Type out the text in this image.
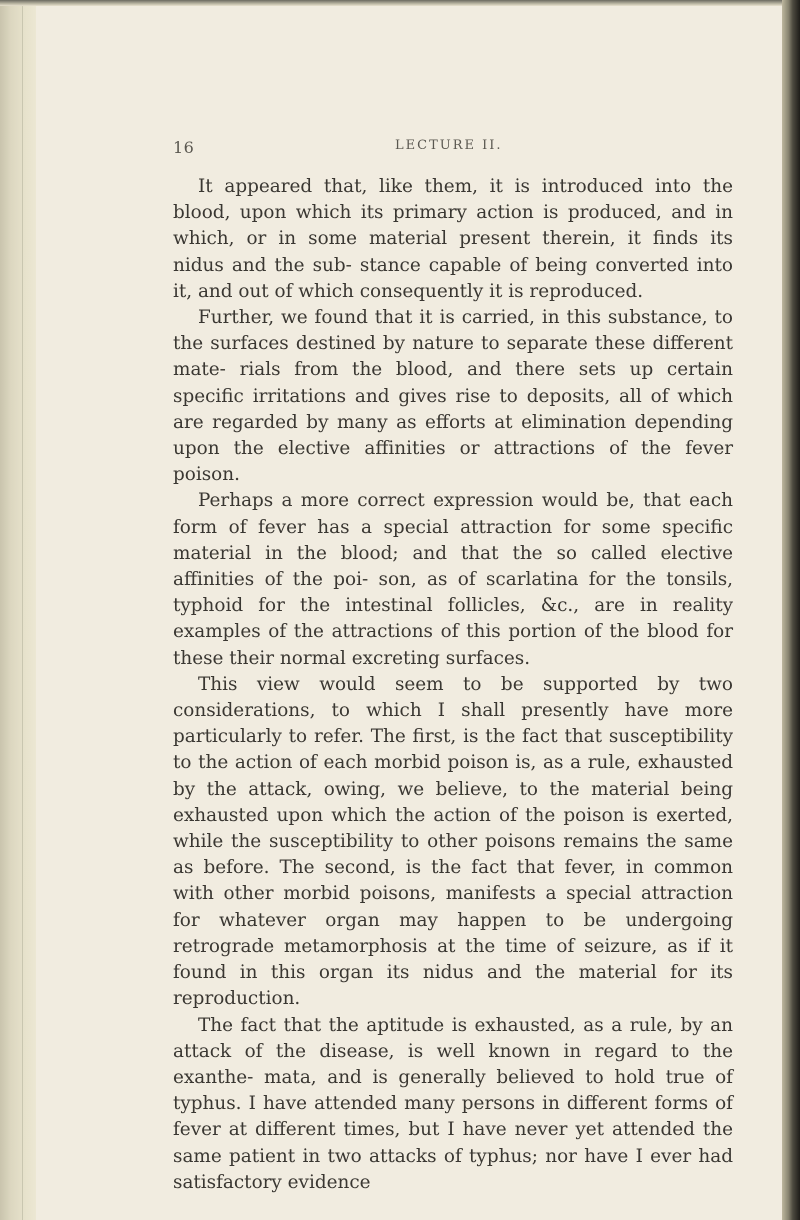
16	LECTURE II.

It appeared that, like them, it is introduced into the blood, upon which its primary action is produced, and in which, or in some material present therein, it finds its nidus and the sub- stance capable of being converted into it, and out of which consequently it is reproduced.

Further, we found that it is carried, in this substance, to the surfaces destined by nature to separate these different mate- rials from the blood, and there sets up certain specific irritations and gives rise to deposits, all of which are regarded by many as efforts at elimination depending upon the elective affinities or attractions of the fever poison.

Perhaps a more correct expression would be, that each form of fever has a special attraction for some specific material in the blood; and that the so called elective affinities of the poi- son, as of scarlatina for the tonsils, typhoid for the intestinal follicles, &c., are in reality examples of the attractions of this portion of the blood for these their normal excreting surfaces.

This view would seem to be supported by two considerations, to which I shall presently have more particularly to refer. The first, is the fact that susceptibility to the action of each morbid poison is, as a rule, exhausted by the attack, owing, we believe, to the material being exhausted upon which the action of the poison is exerted, while the susceptibility to other poisons remains the same as before. The second, is the fact that fever, in common with other morbid poisons, manifests a special attraction for whatever organ may happen to be undergoing retrograde metamorphosis at the time of seizure, as if it found in this organ its nidus and the material for its reproduction.

The fact that the aptitude is exhausted, as a rule, by an attack of the disease, is well known in regard to the exanthe- mata, and is generally believed to hold true of typhus. I have attended many persons in different forms of fever at different times, but I have never yet attended the same patient in two attacks of typhus; nor have I ever had satisfactory evidence
